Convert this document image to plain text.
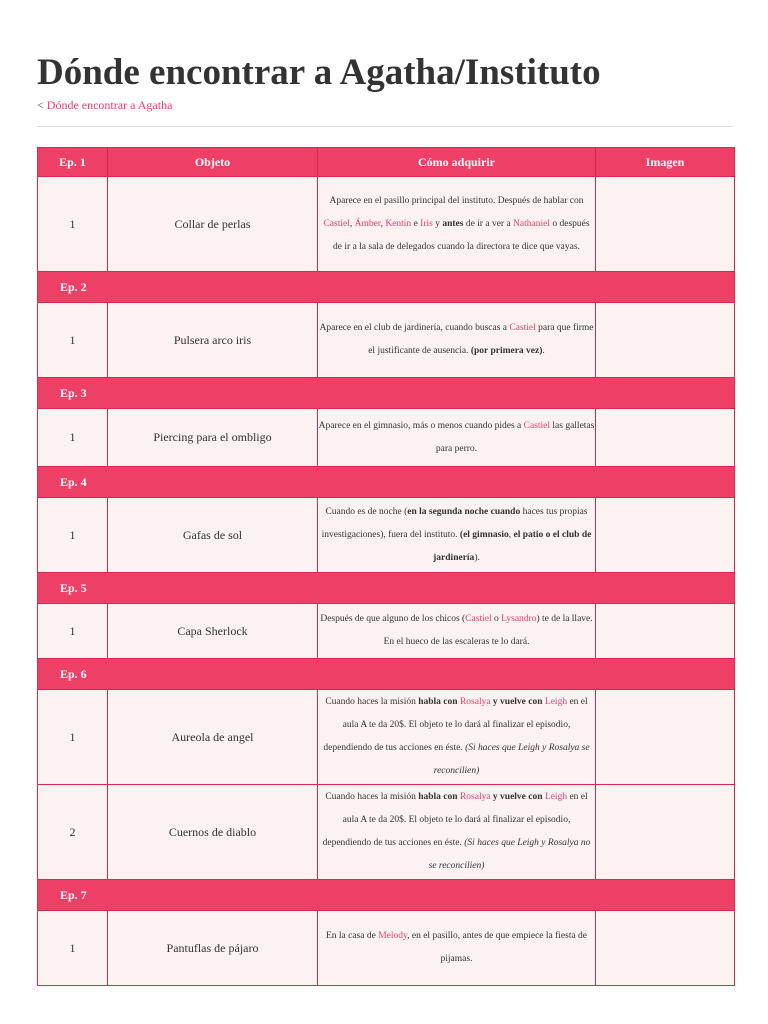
Dónde encontrar a Agatha/Instituto
< Dónde encontrar a Agatha
Ep. 1	Objeto	Cómo adquirir	Imagen
1	Collar de perlas	Aparece en el pasillo principal del instituto. Después de hablar con Castiel, Ámber, Kentin e Iris y antes de ir a ver a Nathaniel o después de ir a la sala de delegados cuando la directora te dice que vayas.	
Ep. 2			
1	Pulsera arco iris	Aparece en el club de jardinería, cuando buscas a Castiel para que firme el justificante de ausencia. (por primera vez).	
Ep. 3			
1	Piercing para el ombligo	Aparece en el gimnasio, más o menos cuando pides a Castiel las galletas para perro.	
Ep. 4			
1	Gafas de sol	Cuando es de noche (en la segunda noche cuando haces tus propias investigaciones), fuera del instituto. (el gimnasio, el patio o el club de jardinería).	
Ep. 5			
1	Capa Sherlock	Después de que alguno de los chicos (Castiel o Lysandro) te de la llave. En el hueco de las escaleras te lo dará.	
Ep. 6			
1	Aureola de angel	Cuando haces la misión habla con Rosalya y vuelve con Leigh en el aula A te da 20$. El objeto te lo dará al finalizar el episodio, dependiendo de tus acciones en éste. (Si haces que Leigh y Rosalya se reconcilien)	
2	Cuernos de diablo	Cuando haces la misión habla con Rosalya y vuelve con Leigh en el aula A te da 20$. El objeto te lo dará al finalizar el episodio, dependiendo de tus acciones en éste. (Si haces que Leigh y Rosalya no se reconcilien)	
Ep. 7			
1	Pantuflas de pájaro	En la casa de Melody, en el pasillo, antes de que empiece la fiesta de pijamas.	
